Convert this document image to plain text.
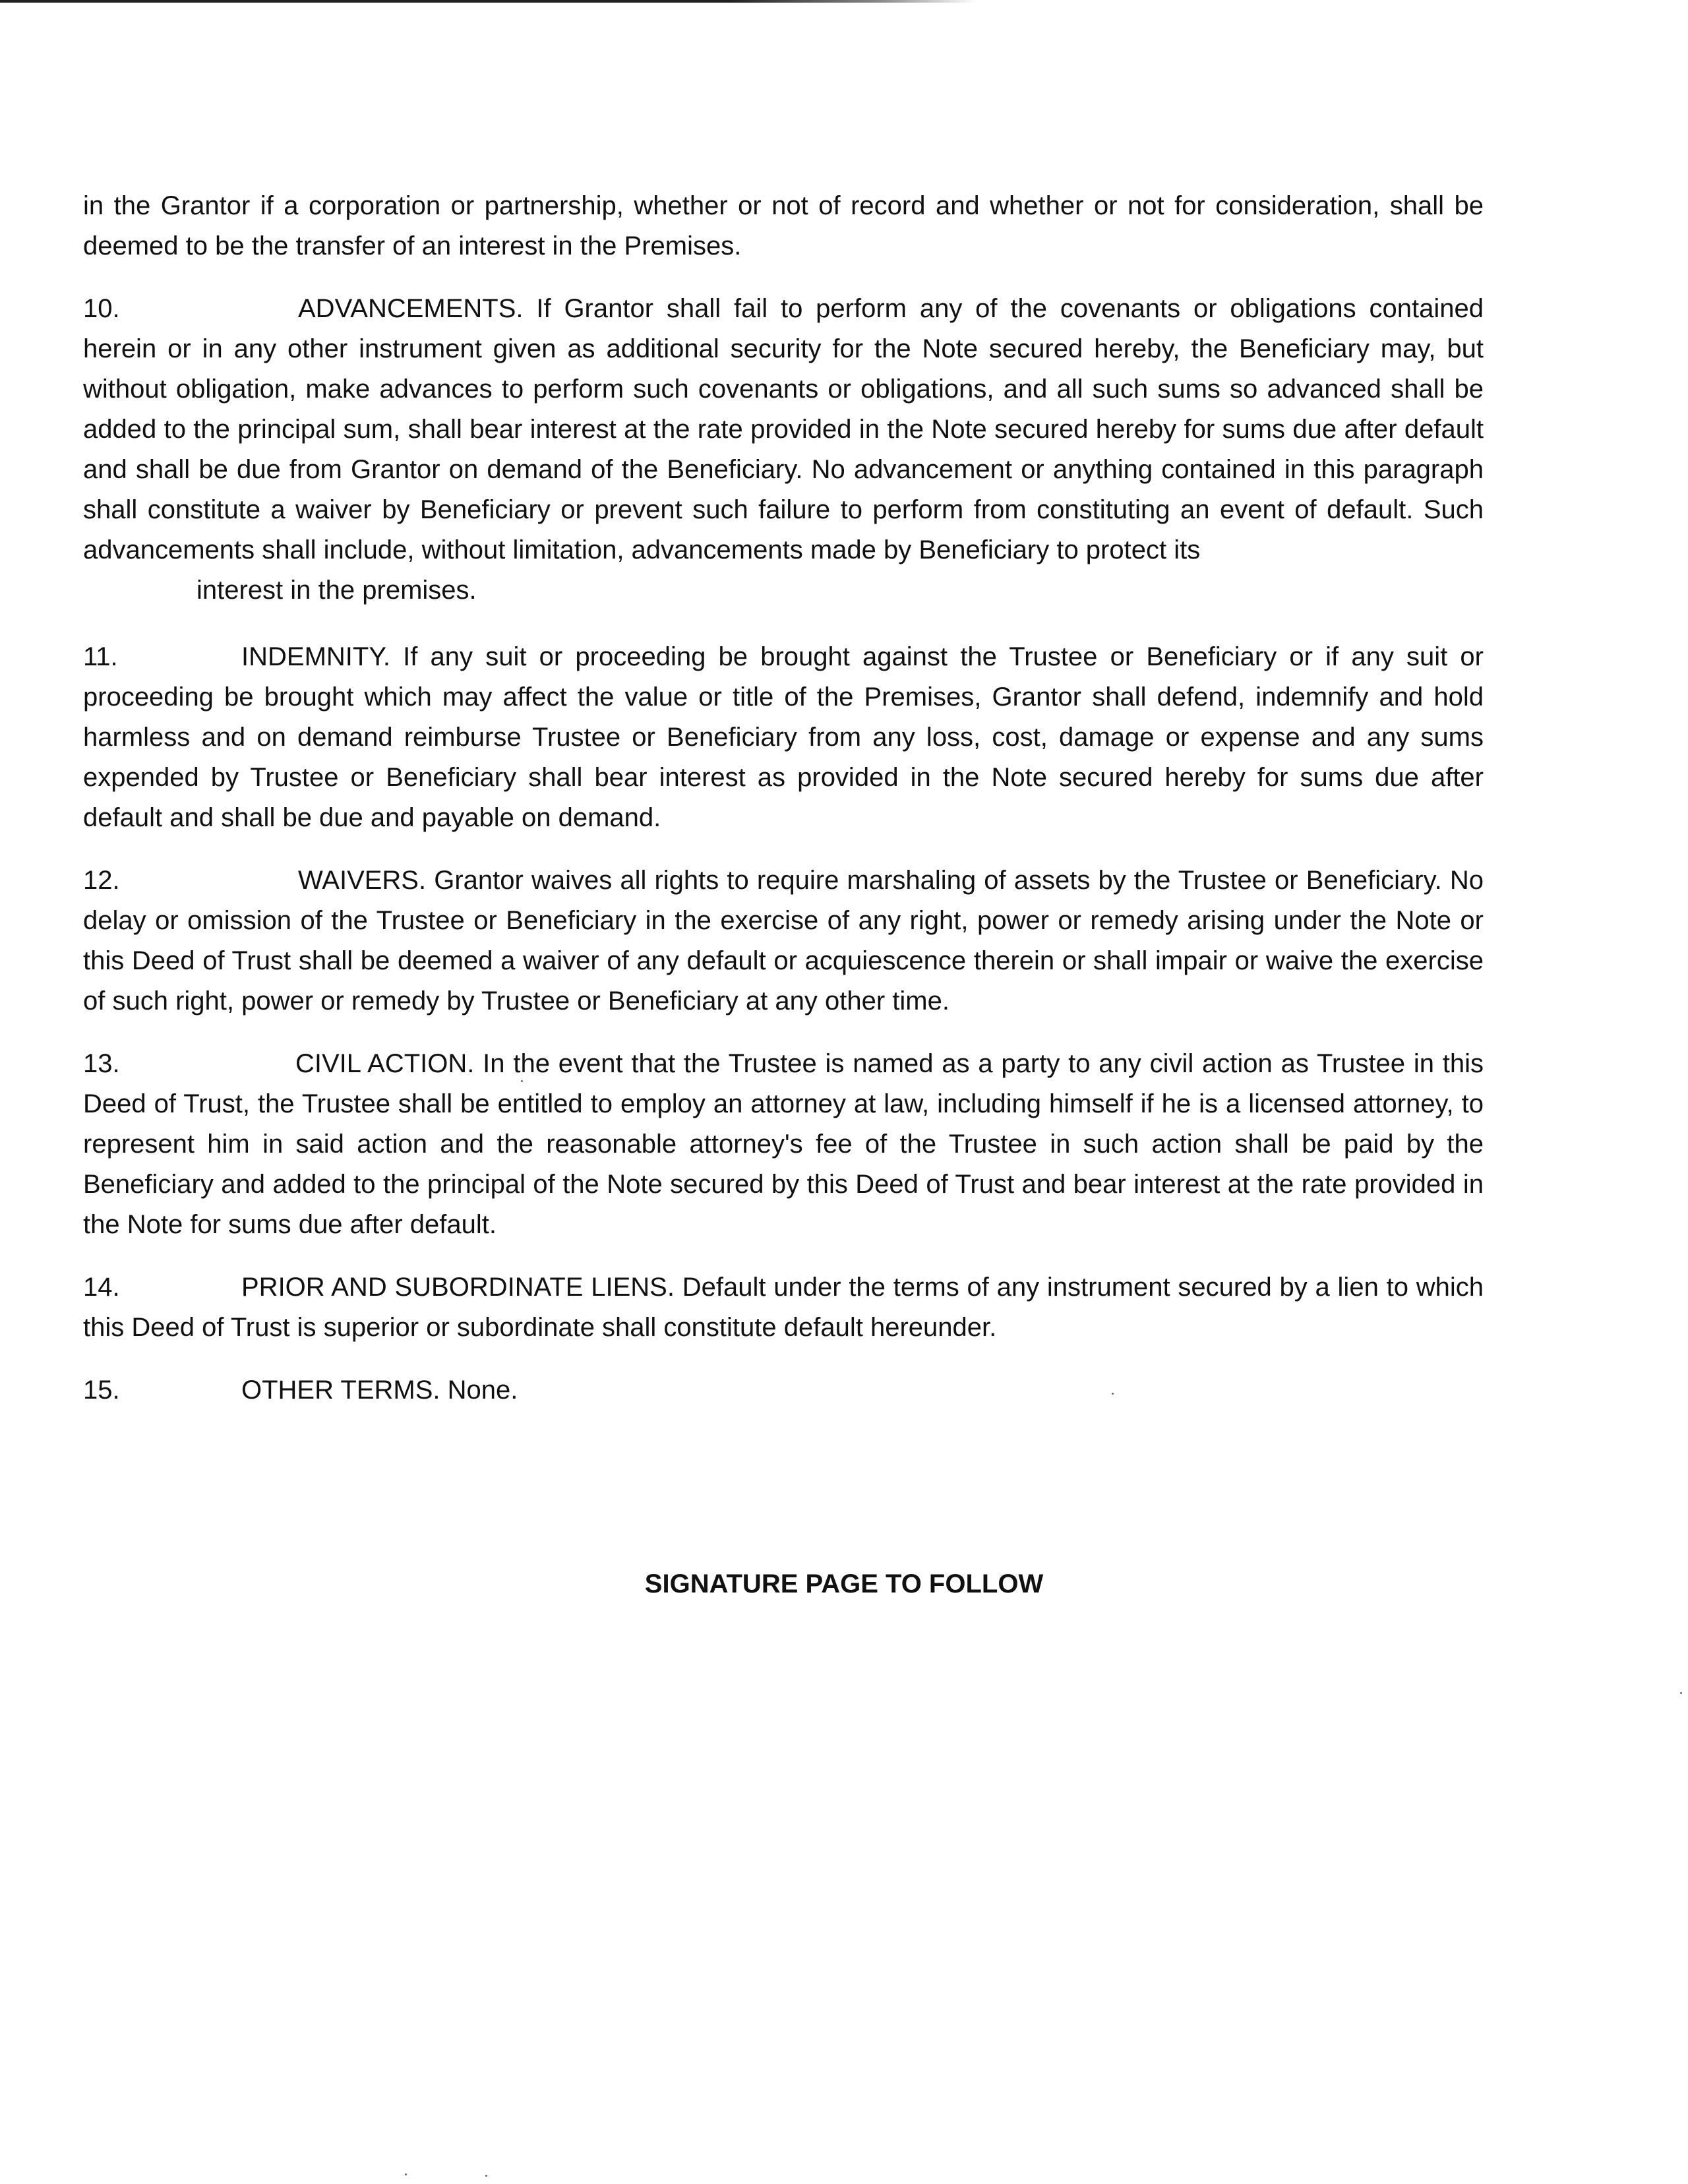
in the Grantor if a corporation or partnership, whether or not of record and whether or not for consideration, shall be deemed to be the transfer of an interest in the Premises.

10.	ADVANCEMENTS. If Grantor shall fail to perform any of the covenants or obligations contained herein or in any other instrument given as additional security for the Note secured hereby, the Beneficiary may, but without obligation, make advances to perform such covenants or obligations, and all such sums so advanced shall be added to the principal sum, shall bear interest at the rate provided in the Note secured hereby for sums due after default and shall be due from Grantor on demand of the Beneficiary. No advancement or anything contained in this paragraph shall constitute a waiver by Beneficiary or prevent such failure to perform from constituting an event of default. Such advancements shall include, without limitation, advancements made by Beneficiary to protect its
interest in the premises.

11.	INDEMNITY. If any suit or proceeding be brought against the Trustee or Beneficiary or if any suit or proceeding be brought which may affect the value or title of the Premises, Grantor shall defend, indemnify and hold harmless and on demand reimburse Trustee or Beneficiary from any loss, cost, damage or expense and any sums expended by Trustee or Beneficiary shall bear interest as provided in the Note secured hereby for sums due after default and shall be due and payable on demand.

12.	WAIVERS. Grantor waives all rights to require marshaling of assets by the Trustee or Beneficiary. No delay or omission of the Trustee or Beneficiary in the exercise of any right, power or remedy arising under the Note or this Deed of Trust shall be deemed a waiver of any default or acquiescence therein or shall impair or waive the exercise of such right, power or remedy by Trustee or Beneficiary at any other time.

13.	CIVIL ACTION. In the event that the Trustee is named as a party to any civil action as Trustee in this Deed of Trust, the Trustee shall be entitled to employ an attorney at law, including himself if he is a licensed attorney, to represent him in said action and the reasonable attorney's fee of the Trustee in such action shall be paid by the Beneficiary and added to the principal of the Note secured by this Deed of Trust and bear interest at the rate provided in the Note for sums due after default.

14.	PRIOR AND SUBORDINATE LIENS. Default under the terms of any instrument secured by a lien to which this Deed of Trust is superior or subordinate shall constitute default hereunder.

15.	OTHER TERMS. None.

SIGNATURE PAGE TO FOLLOW
